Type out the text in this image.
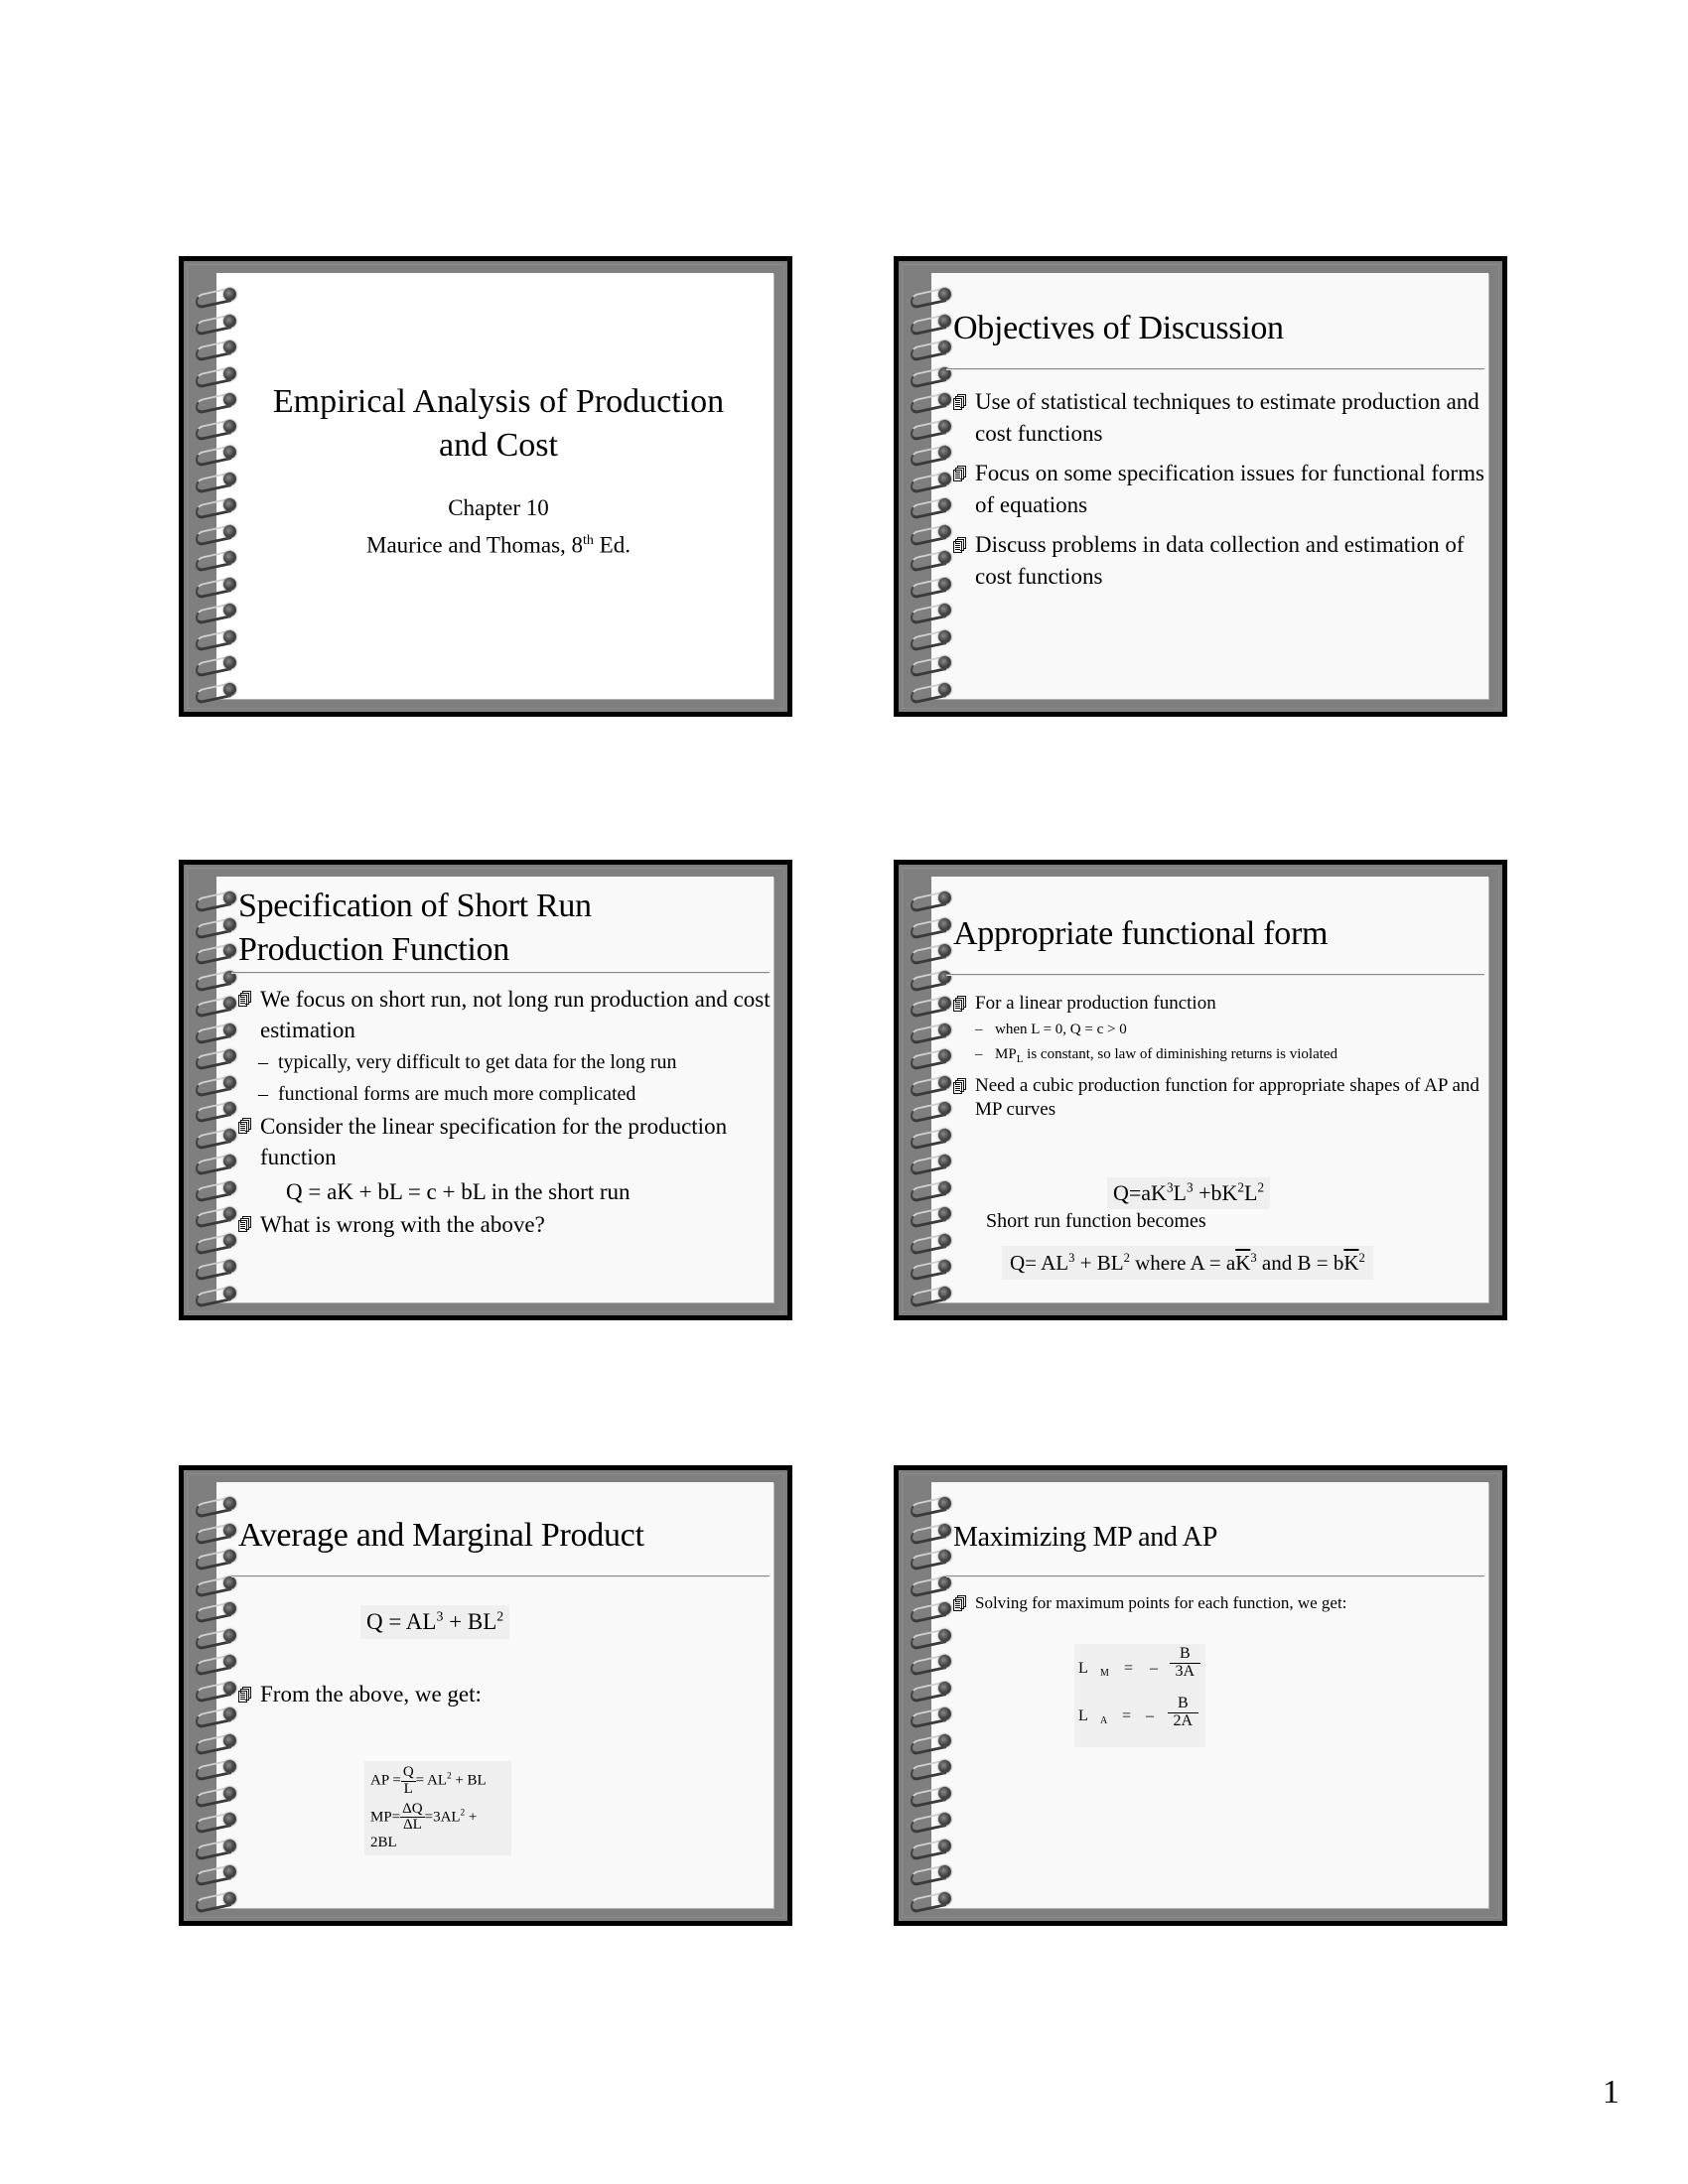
Empirical Analysis of Production
and Cost
Chapter 10
Maurice and Thomas, 8th Ed.
Objectives of Discussion
Use of statistical techniques to estimate production and cost functions
Focus on some specification issues for functional forms of equations
Discuss problems in data collection and estimation of cost functions
Specification of Short Run Production Function
We focus on short run, not long run production and cost estimation
– typically, very difficult to get data for the long run
– functional forms are much more complicated
Consider the linear specification for the production function
Q = aK + bL = c + bL in the short run
What is wrong with the above?
Appropriate functional form
For a linear production function
– when L = 0, Q = c > 0
– $MP_L$ is constant, so law of diminishing returns is violated
Need a cubic production function for appropriate shapes of AP and MP curves
$Q=aK^3L^3 +bK^2L^2$
Short run function becomes
$Q= AL^3 + BL^2$ where $A = a\overline{K}^3$ and $B = b\overline{K}^2$
Average and Marginal Product
$Q = AL^3 + BL^2$
From the above, we get:
AP = $\frac{Q}{L} = AL^2$ + BL
$MP= \frac{\Delta Q}{\Delta L} =3AL^2 + 2BL$
Maximizing MP and AP
Solving for maximum points for each function, we get:
L M = – $\frac{B}{3A}$
L A = – $\frac{B}{2A}$
1
